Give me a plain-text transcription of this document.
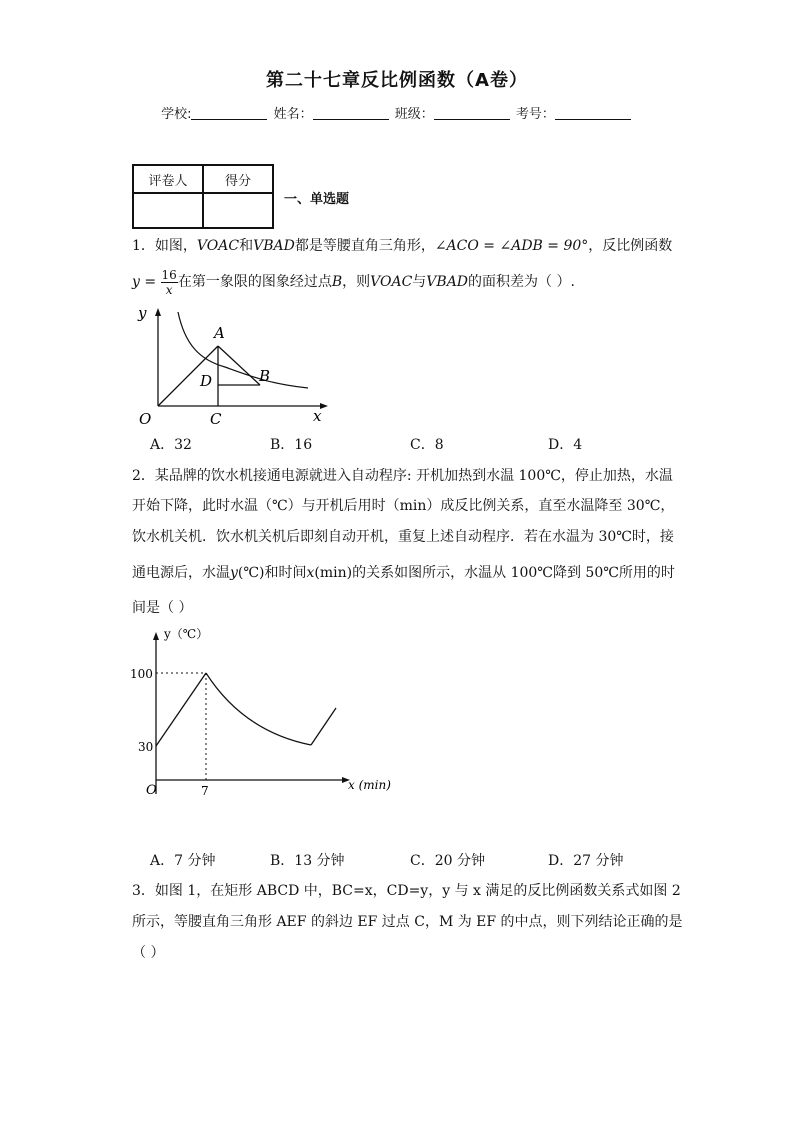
第二十七章反比例函数（A卷）
学校:	姓名：	班级：	考号：
评卷人	得分

一、单选题
1．如图，VOAC和VBAD都是等腰直角三角形，∠ACO = ∠ADB = 90°，反比例函数
$y = \frac{16}{x}$ 在第一象限的图象经过点B，则VOAC与VBAD的面积差为（ ）.
y
x
O
A
B
C
D
A．32	B．16	C．8	D．4
2．某品牌的饮水机接通电源就进入自动程序: 开机加热到水温 100℃，停止加热，水温
开始下降，此时水温（℃）与开机后用时（min）成反比例关系，直至水温降至 30℃，
饮水机关机．饮水机关机后即刻自动开机，重复上述自动程序．若在水温为 30℃时，接
通电源后，水温y(℃)和时间x(min)的关系如图所示，水温从 100℃降到 50℃所用的时
间是（ ）
y（℃）
x (min)
O
100
30
7
A．7 分钟	B．13 分钟	C．20 分钟	D．27 分钟
3．如图 1，在矩形 ABCD 中，BC=x，CD=y，y 与 x 满足的反比例函数关系式如图 2
所示，等腰直角三角形 AEF 的斜边 EF 过点 C，M 为 EF 的中点，则下列结论正确的是
（ ）
